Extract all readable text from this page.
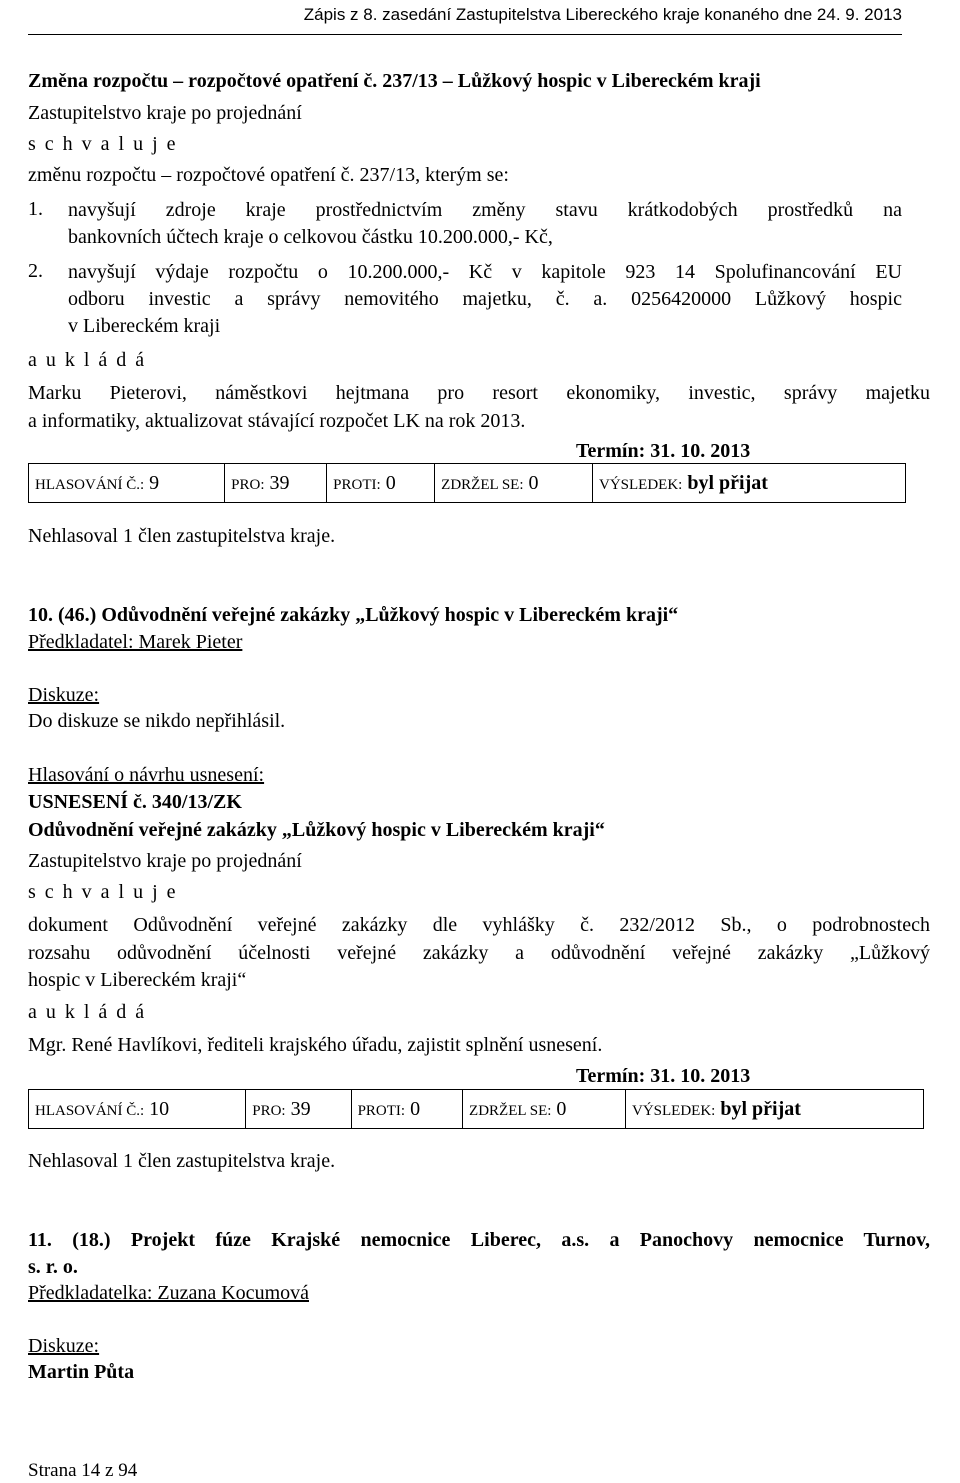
Zápis z 8. zasedání Zastupitelstva Libereckého kraje konaného dne 24. 9. 2013
Změna rozpočtu – rozpočtové opatření č. 237/13 – Lůžkový hospic v Libereckém kraji
Zastupitelstvo kraje po projednání
s c h v a l u j e
změnu rozpočtu – rozpočtové opatření č. 237/13, kterým se:
1. navyšují zdroje kraje prostřednictvím změny stavu krátkodobých prostředků na
bankovních účtech kraje o celkovou částku 10.200.000,- Kč,
2. navyšují výdaje rozpočtu o 10.200.000,- Kč v kapitole 923 14 Spolufinancování EU
odboru investic a správy nemovitého majetku, č. a. 0256420000 Lůžkový hospic
v Libereckém kraji
a u k l á d á
Marku Pieterovi, náměstkovi hejtmana pro resort ekonomiky, investic, správy majetku
a informatiky, aktualizovat stávající rozpočet LK na rok 2013.
Termín: 31. 10. 2013
HLASOVÁNÍ Č.: 9	PRO: 39	PROTI: 0	ZDRŽEL SE: 0	VÝSLEDEK: byl přijat
Nehlasoval 1 člen zastupitelstva kraje.
10. (46.) Odůvodnění veřejné zakázky „Lůžkový hospic v Libereckém kraji“
Předkladatel: Marek Pieter
Diskuze:
Do diskuze se nikdo nepřihlásil.
Hlasování o návrhu usnesení:
USNESENÍ č. 340/13/ZK
Odůvodnění veřejné zakázky „Lůžkový hospic v Libereckém kraji“
Zastupitelstvo kraje po projednání
s c h v a l u j e
dokument Odůvodnění veřejné zakázky dle vyhlášky č. 232/2012 Sb., o podrobnostech
rozsahu odůvodnění účelnosti veřejné zakázky a odůvodnění veřejné zakázky „Lůžkový
hospic v Libereckém kraji“
a u k l á d á
Mgr. René Havlíkovi, řediteli krajského úřadu, zajistit splnění usnesení.
Termín: 31. 10. 2013
HLASOVÁNÍ Č.: 10	PRO: 39	PROTI: 0	ZDRŽEL SE: 0	VÝSLEDEK: byl přijat
Nehlasoval 1 člen zastupitelstva kraje.
11. (18.) Projekt fúze Krajské nemocnice Liberec, a.s. a Panochovy nemocnice Turnov,
s. r. o.
Předkladatelka: Zuzana Kocumová
Diskuze:
Martin Půta
Strana 14 z 94
